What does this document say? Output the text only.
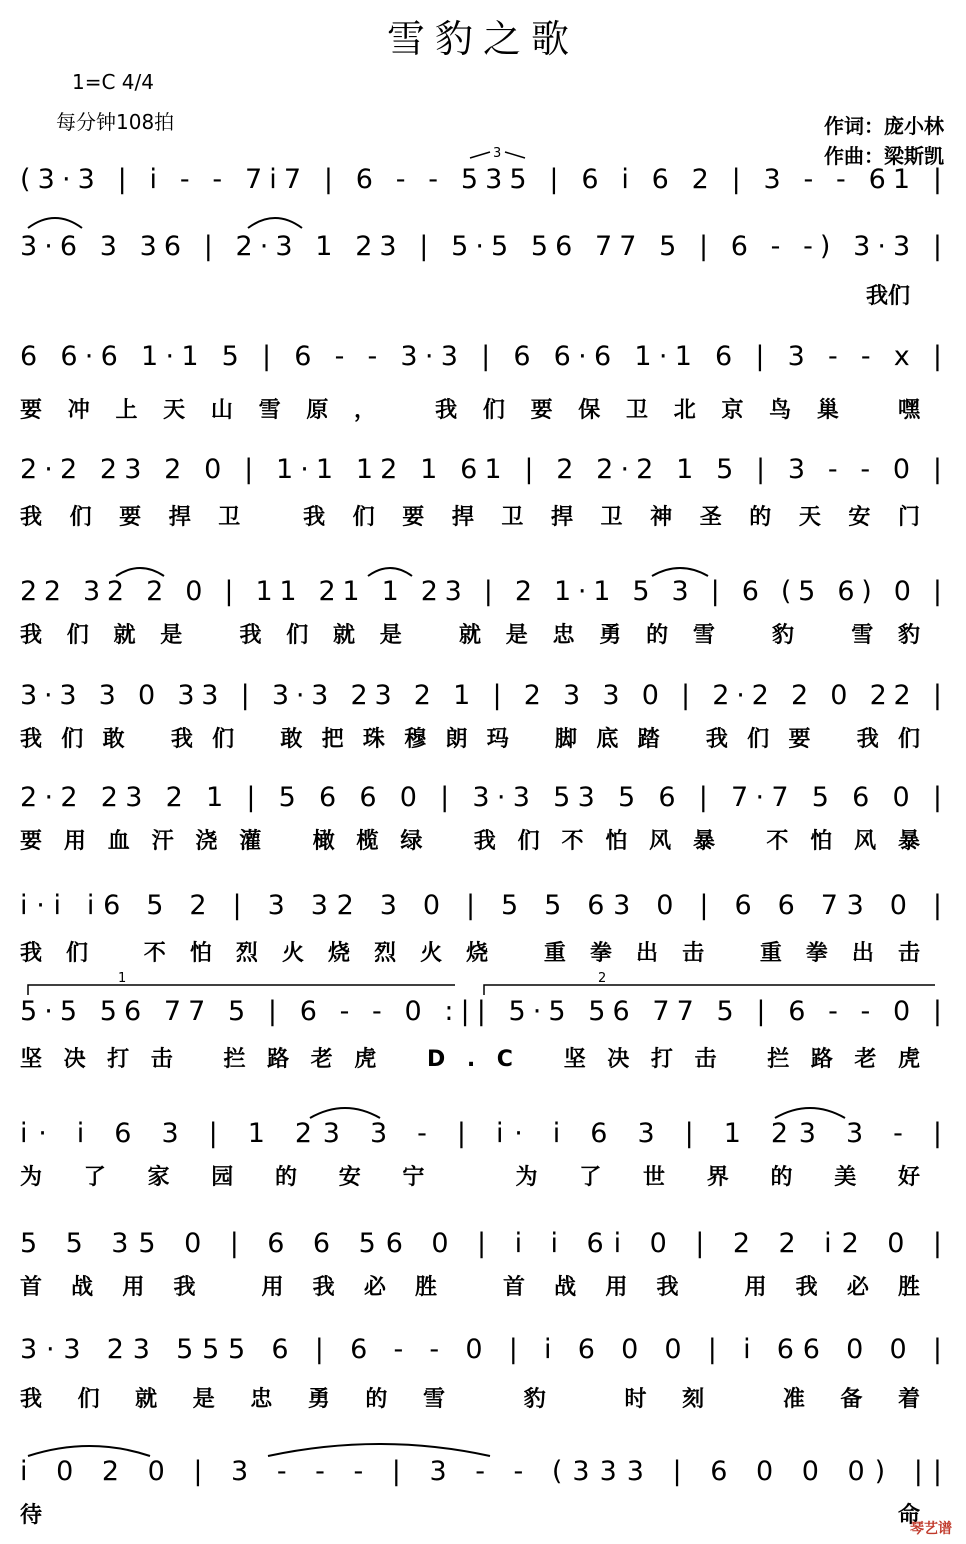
雪豹之歌
1=C 4/4
每分钟108拍	作词：庞小林
作曲：梁斯凯
琴艺谱
3
1	2
(3·3 | i - - 7i7 | 6 - - 535 | 6 i 6 2 | 3 - - 61 |
3·6 3 36 | 2·3 1 23 | 5·5 56 77 5 | 6 - -) 3·3 |
我们
6 6·6 1·1 5 | 6 - - 3·3 | 6 6·6 1·1 6 | 3 - - x |
要冲上天山雪原， 我们要保卫北京鸟巢 嘿
2·2 23 2 0 | 1·1 12 1 61 | 2 2·2 1 5 | 3 - - 0 |
我们要捍卫 我们要捍卫捍卫神圣的天安门
22 32 2 0 | 11 21 1 23 | 2 1·1 5 3 | 6 (5 6) 0 |
我们就是 我们就是 就是忠勇的雪 豹 雪豹
3·3 3 0 33 | 3·3 23 2 1 | 2 3 3 0 | 2·2 2 0 22 |
我们敢 我们 敢把珠穆朗玛 脚底踏 我们要 我们
2·2 23 2 1 | 5 6 6 0 | 3·3 53 5 6 | 7·7 5 6 0 |
要用血汗浇灌 橄榄绿 我们不怕风暴 不怕风暴
i·i i6 5 2 | 3 32 3 0 | 5 5 63 0 | 6 6 73 0 |
我们 不怕烈火烧烈火烧 重拳出击 重拳出击
5·5 56 77 5 | 6 - - 0 :|| 5·5 56 77 5 | 6 - - 0 |
坚决打击 拦路老虎 D.C 坚决打击 拦路老虎
i· i 6 3 | 1 23 3 - | i· i 6 3 | 1 23 3 - |
为了家园的安宁 为了世界的美好
5 5 35 0 | 6 6 56 0 | i i 6i 0 | 2 2 i2 0 |
首战用我 用我必胜 首战用我 用我必胜
3·3 23 555 6 | 6 - - 0 | i 6 0 0 | i 66 0 0 |
我们就是忠勇的雪 豹 时刻 准备着
i 0 2 0 | 3 - - - | 3 - - (333 | 6 0 0 0) ||
待 命
